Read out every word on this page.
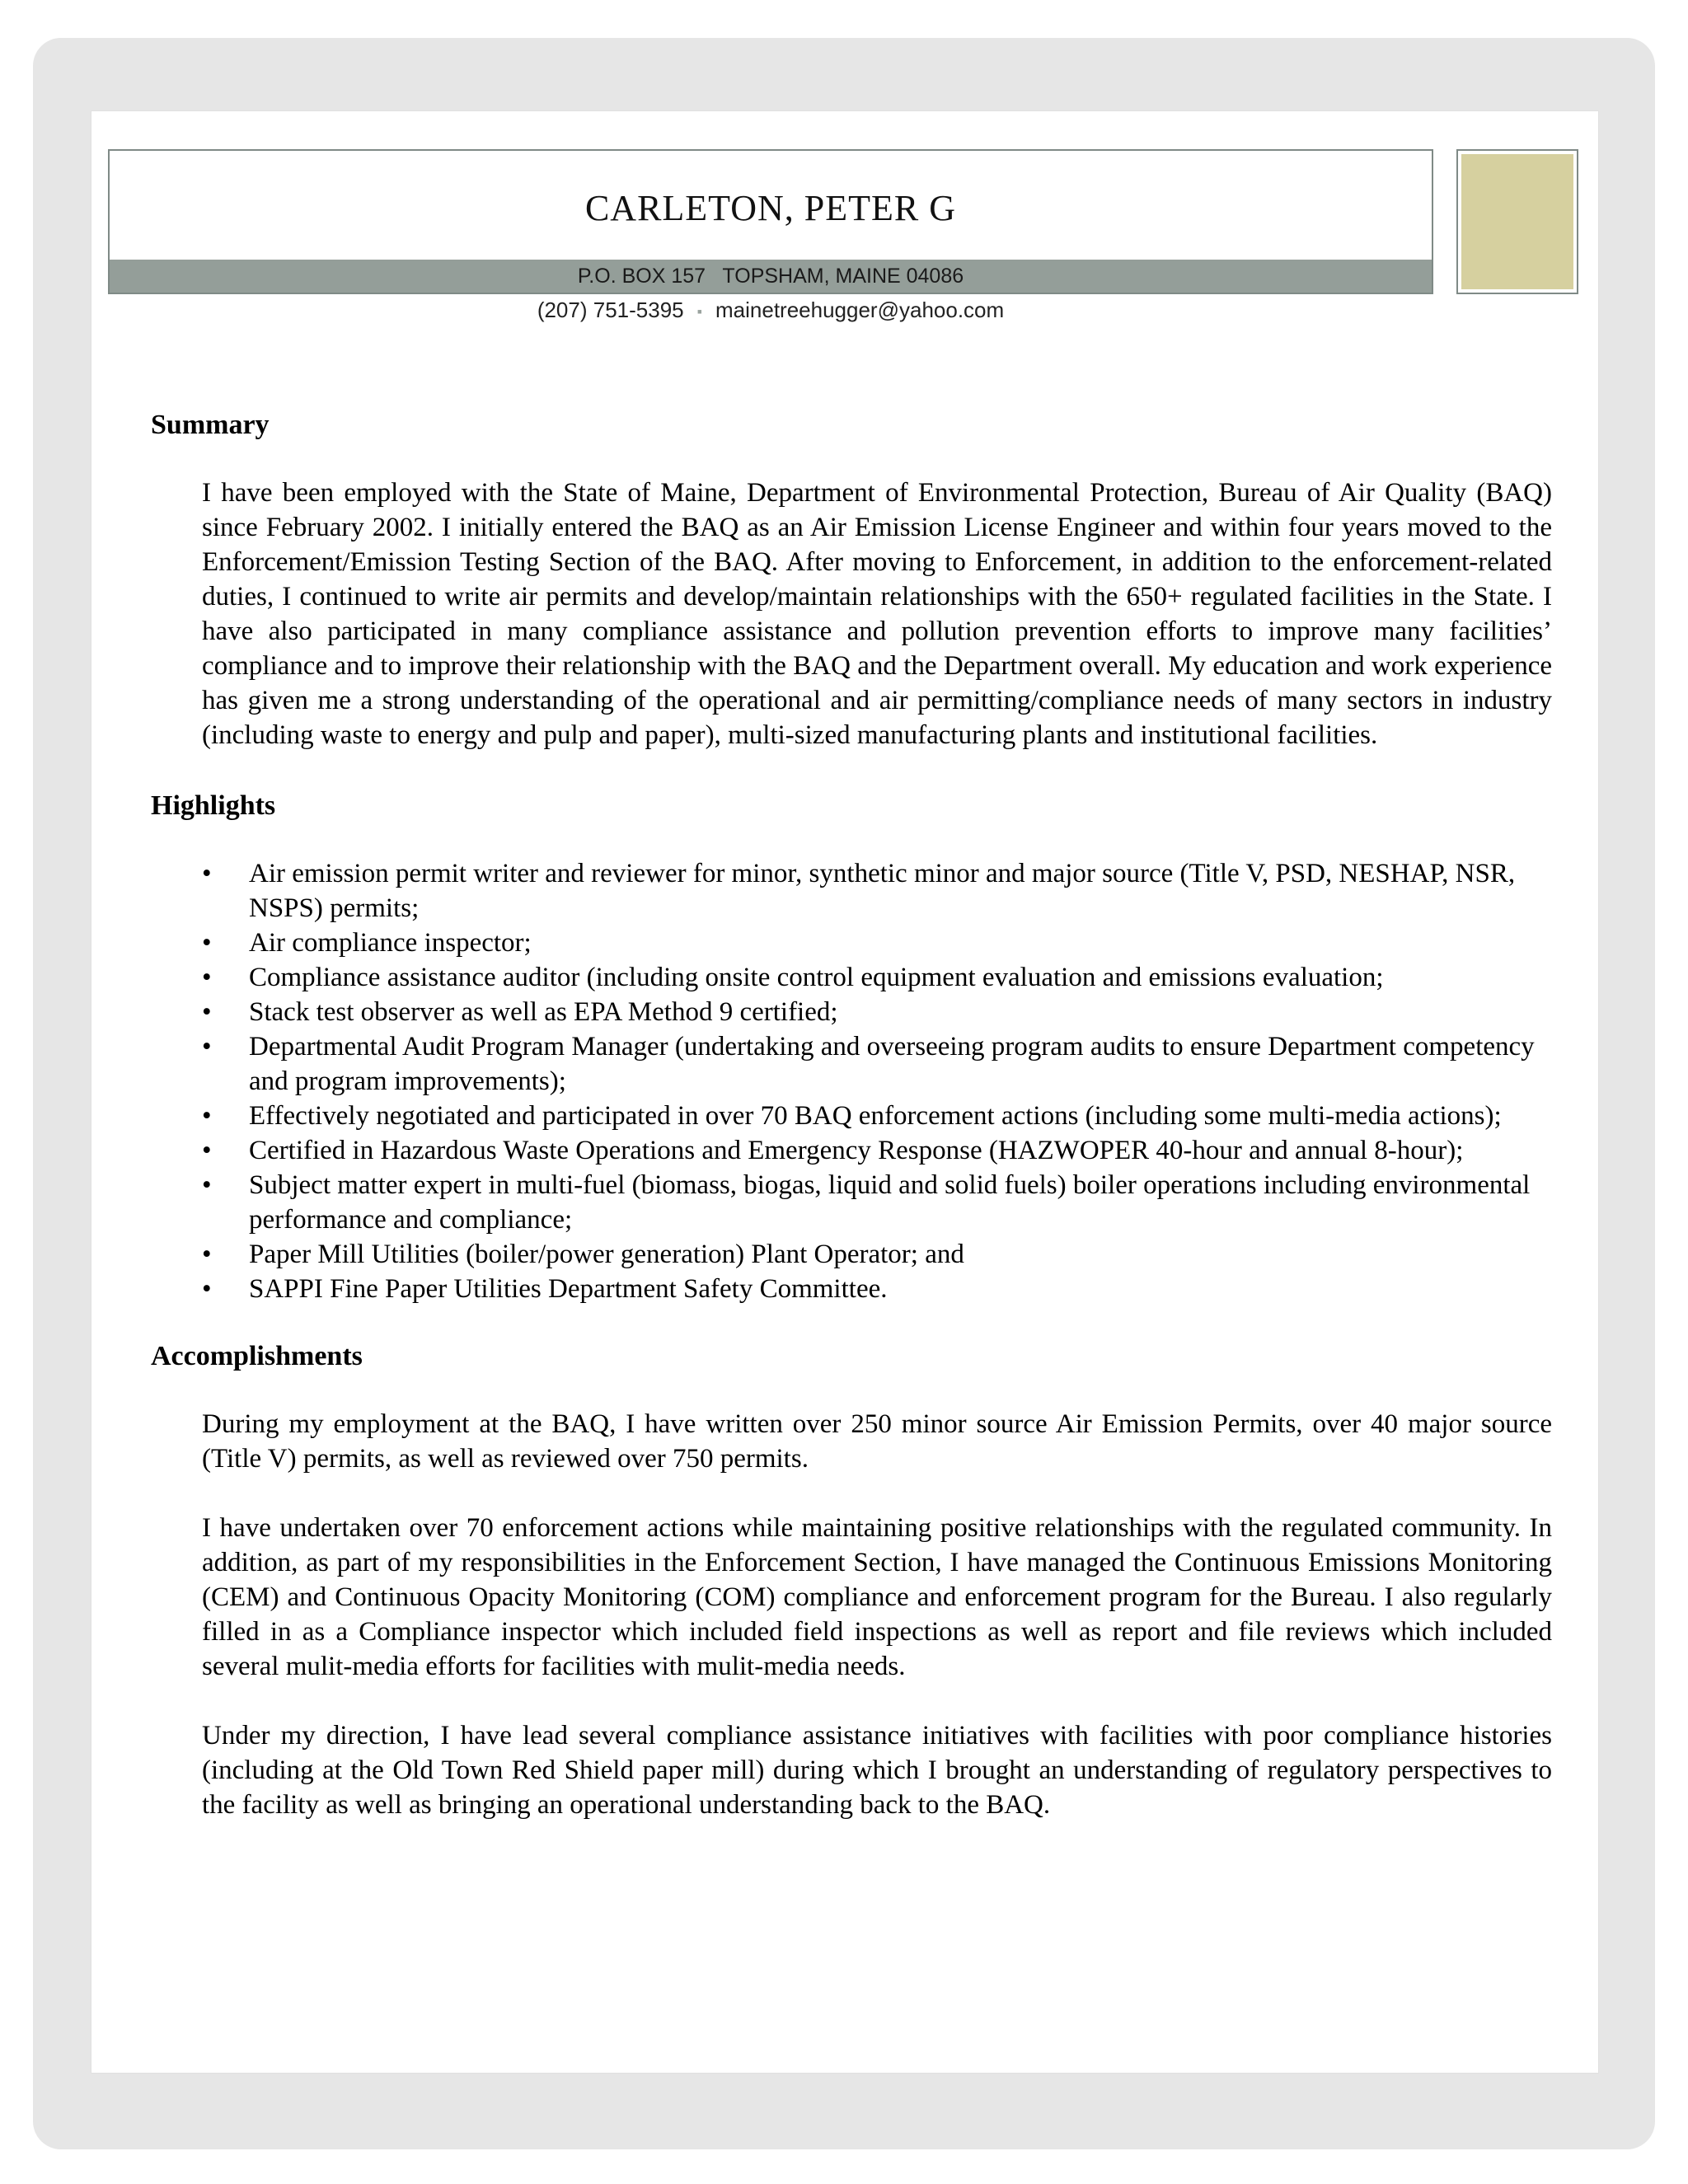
CARLETON, PETER G
P.O. BOX 157   TOPSHAM, MAINE 04086
(207) 751-5395 ▪ mainetreehugger@yahoo.com
Summary
I have been employed with the State of Maine, Department of Environmental Protection, Bureau of Air Quality (BAQ) since February 2002. I initially entered the BAQ as an Air Emission License Engineer and within four years moved to the Enforcement/Emission Testing Section of the BAQ. After moving to Enforcement, in addition to the enforcement-related duties, I continued to write air permits and develop/maintain relationships with the 650+ regulated facilities in the State. I have also participated in many compliance assistance and pollution prevention efforts to improve many facilities’ compliance and to improve their relationship with the BAQ and the Department overall. My education and work experience has given me a strong understanding of the operational and air permitting/compliance needs of many sectors in industry (including waste to energy and pulp and paper), multi-sized manufacturing plants and institutional facilities.
Highlights
• Air emission permit writer and reviewer for minor, synthetic minor and major source (Title V, PSD, NESHAP, NSR, NSPS) permits;
• Air compliance inspector;
• Compliance assistance auditor (including onsite control equipment evaluation and emissions evaluation;
• Stack test observer as well as EPA Method 9 certified;
• Departmental Audit Program Manager (undertaking and overseeing program audits to ensure Department competency and program improvements);
• Effectively negotiated and participated in over 70 BAQ enforcement actions (including some multi-media actions);
• Certified in Hazardous Waste Operations and Emergency Response (HAZWOPER 40-hour and annual 8-hour);
• Subject matter expert in multi-fuel (biomass, biogas, liquid and solid fuels) boiler operations including environmental performance and compliance;
• Paper Mill Utilities (boiler/power generation) Plant Operator; and
• SAPPI Fine Paper Utilities Department Safety Committee.
Accomplishments
During my employment at the BAQ, I have written over 250 minor source Air Emission Permits, over 40 major source (Title V) permits, as well as reviewed over 750 permits.
I have undertaken over 70 enforcement actions while maintaining positive relationships with the regulated community. In addition, as part of my responsibilities in the Enforcement Section, I have managed the Continuous Emissions Monitoring (CEM) and Continuous Opacity Monitoring (COM) compliance and enforcement program for the Bureau. I also regularly filled in as a Compliance inspector which included field inspections as well as report and file reviews which included several mulit-media efforts for facilities with mulit-media needs.
Under my direction, I have lead several compliance assistance initiatives with facilities with poor compliance histories (including at the Old Town Red Shield paper mill) during which I brought an understanding of regulatory perspectives to the facility as well as bringing an operational understanding back to the BAQ.
